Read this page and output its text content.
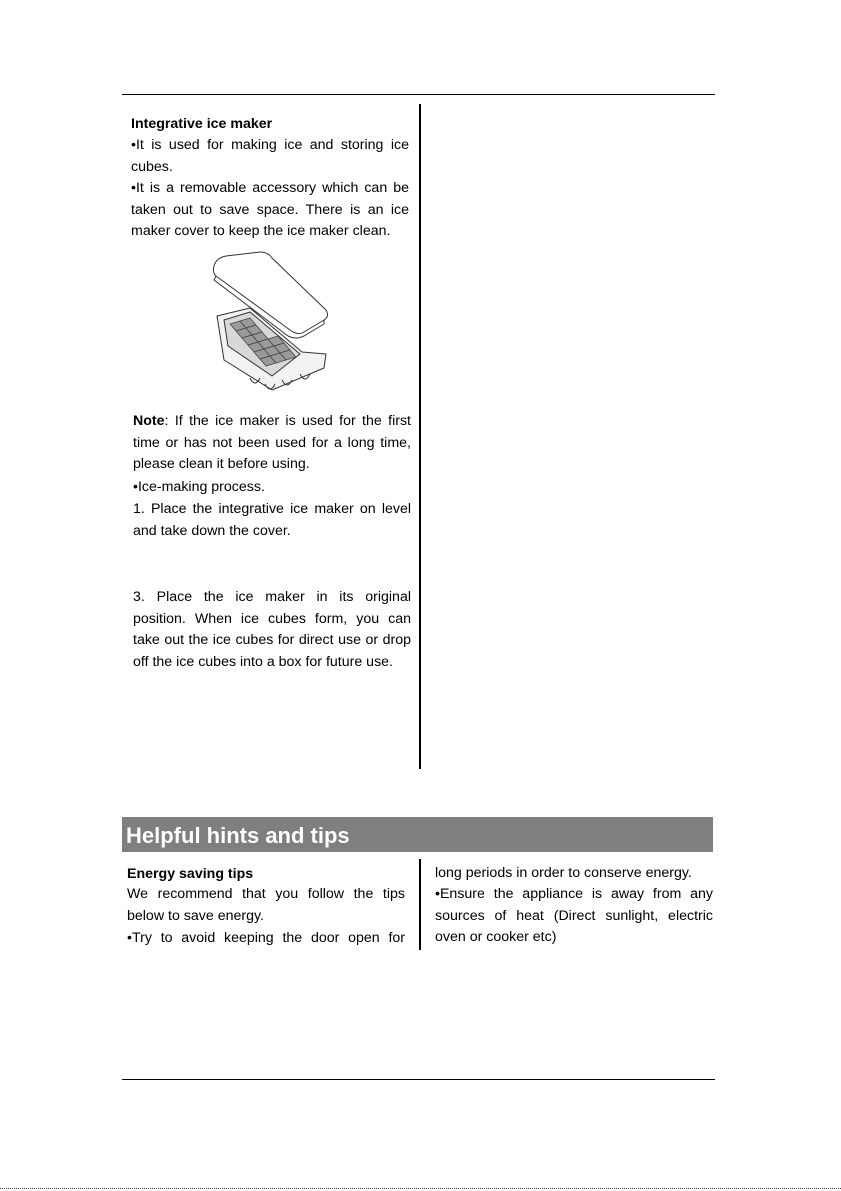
Integrative ice maker

•It is used for making ice and storing ice cubes.

•It is a removable accessory which can be taken out to save space. There is an ice maker cover to keep the ice maker clean.

Note: If the ice maker is used for the first time or has not been used for a long time, please clean it before using.

•Ice-making process.

1. Place the integrative ice maker on level and take down the cover.

3. Place the ice maker in its original position. When ice cubes form, you can take out the ice cubes for direct use or drop off the ice cubes into a box for future use.

Helpful hints and tips

Energy saving tips

We recommend that you follow the tips below to save energy.

•Try to avoid keeping the door open for

long periods in order to conserve energy.

•Ensure the appliance is away from any sources of heat (Direct sunlight, electric oven or cooker etc)
